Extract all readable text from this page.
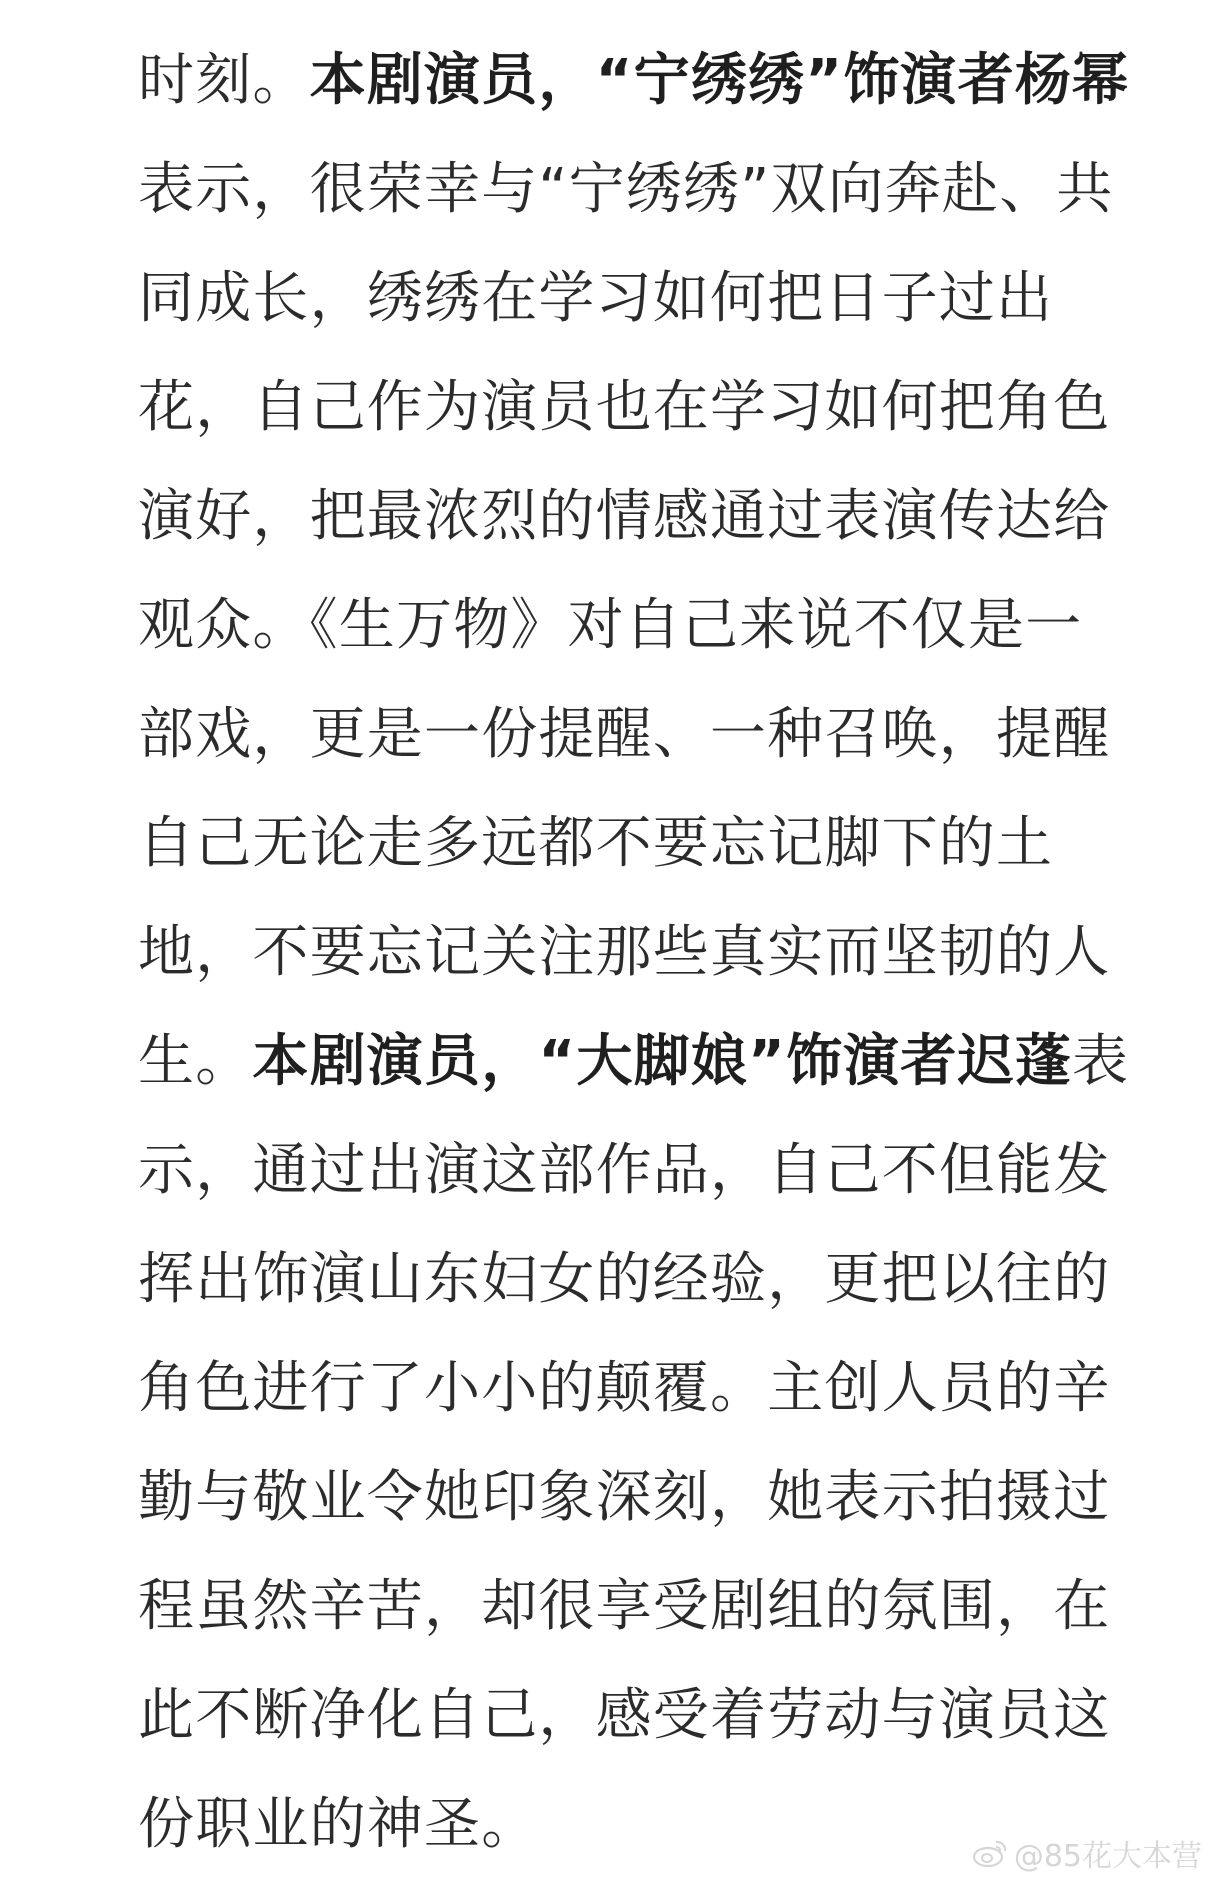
时刻。本剧演员，“宁绣绣”饰演者杨幂
表示，很荣幸与“宁绣绣”双向奔赴、共
同成长，绣绣在学习如何把日子过出
花，自己作为演员也在学习如何把角色
演好，把最浓烈的情感通过表演传达给
观众。《生万物》对自己来说不仅是一
部戏，更是一份提醒、一种召唤，提醒
自己无论走多远都不要忘记脚下的土
地，不要忘记关注那些真实而坚韧的人
生。本剧演员，“大脚娘”饰演者迟蓬表
示，通过出演这部作品，自己不但能发
挥出饰演山东妇女的经验，更把以往的
角色进行了小小的颠覆。主创人员的辛
勤与敬业令她印象深刻，她表示拍摄过
程虽然辛苦，却很享受剧组的氛围，在
此不断净化自己，感受着劳动与演员这
份职业的神圣。	@85花大本营
